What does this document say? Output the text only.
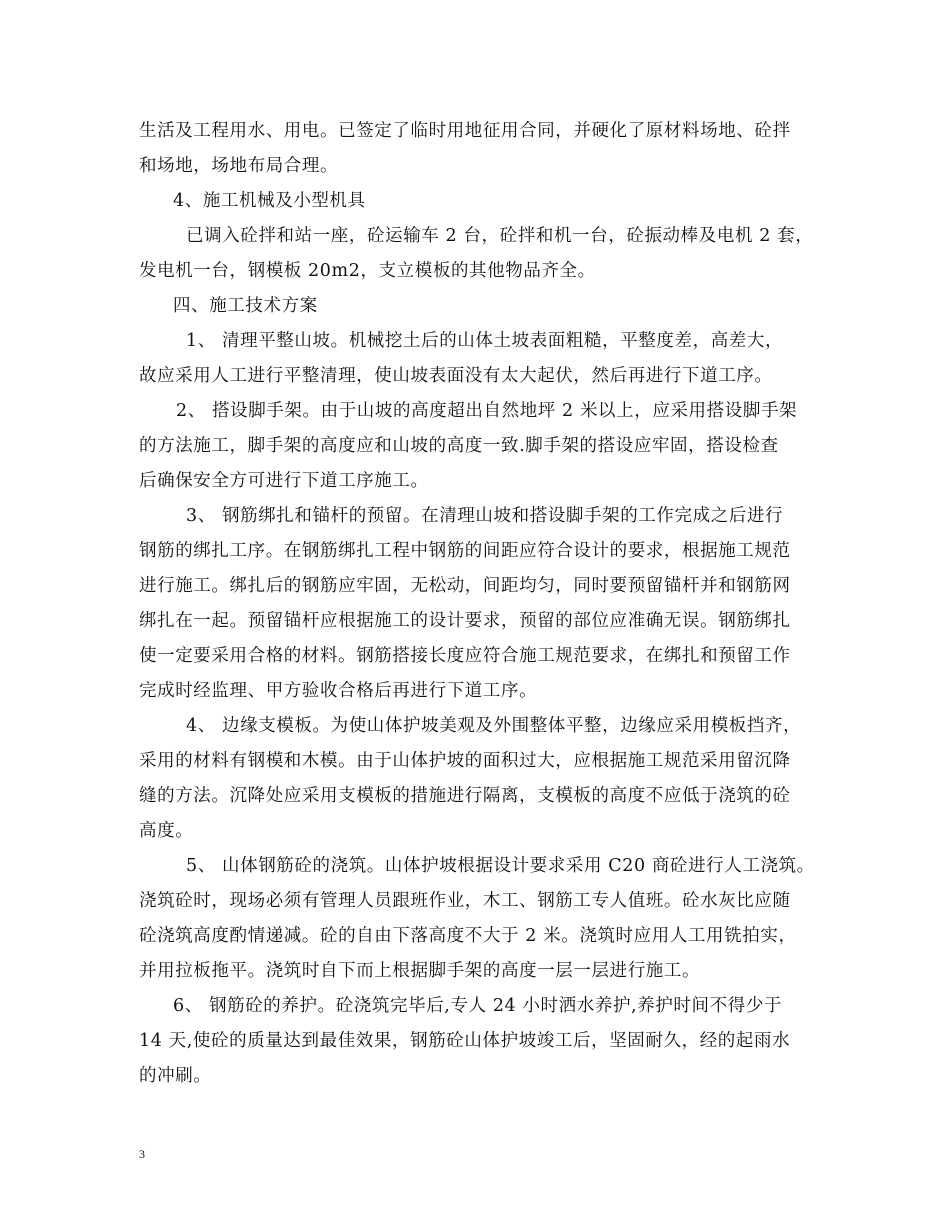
生活及工程用水、用电。已签定了临时用地征用合同，并硬化了原材料场地、砼拌
和场地，场地布局合理。
4、施工机械及小型机具
已调入砼拌和站一座，砼运输车 2 台，砼拌和机一台，砼振动棒及电机 2 套，
发电机一台，钢模板 20m2，支立模板的其他物品齐全。
四、施工技术方案
1、 清理平整山坡。机械挖土后的山体土坡表面粗糙，平整度差，高差大，
故应采用人工进行平整清理，使山坡表面没有太大起伏，然后再进行下道工序。
2、 搭设脚手架。由于山坡的高度超出自然地坪 2 米以上，应采用搭设脚手架
的方法施工，脚手架的高度应和山坡的高度一致.脚手架的搭设应牢固，搭设检查
后确保安全方可进行下道工序施工。
3、 钢筋绑扎和锚杆的预留。在清理山坡和搭设脚手架的工作完成之后进行
钢筋的绑扎工序。在钢筋绑扎工程中钢筋的间距应符合设计的要求，根据施工规范
进行施工。绑扎后的钢筋应牢固，无松动，间距均匀，同时要预留锚杆并和钢筋网
绑扎在一起。预留锚杆应根据施工的设计要求，预留的部位应准确无误。钢筋绑扎
使一定要采用合格的材料。钢筋搭接长度应符合施工规范要求，在绑扎和预留工作
完成时经监理、甲方验收合格后再进行下道工序。
4、 边缘支模板。为使山体护坡美观及外围整体平整，边缘应采用模板挡齐，
采用的材料有钢模和木模。由于山体护坡的面积过大，应根据施工规范采用留沉降
缝的方法。沉降处应采用支模板的措施进行隔离，支模板的高度不应低于浇筑的砼
高度。
5、 山体钢筋砼的浇筑。山体护坡根据设计要求采用 C20 商砼进行人工浇筑。
浇筑砼时，现场必须有管理人员跟班作业，木工、钢筋工专人值班。砼水灰比应随
砼浇筑高度酌情递减。砼的自由下落高度不大于 2 米。浇筑时应用人工用铣拍实，
并用拉板拖平。浇筑时自下而上根据脚手架的高度一层一层进行施工。
6、 钢筋砼的养护。砼浇筑完毕后,专人 24 小时洒水养护,养护时间不得少于
14 天,使砼的质量达到最佳效果，钢筋砼山体护坡竣工后，坚固耐久，经的起雨水
的冲刷。
3
